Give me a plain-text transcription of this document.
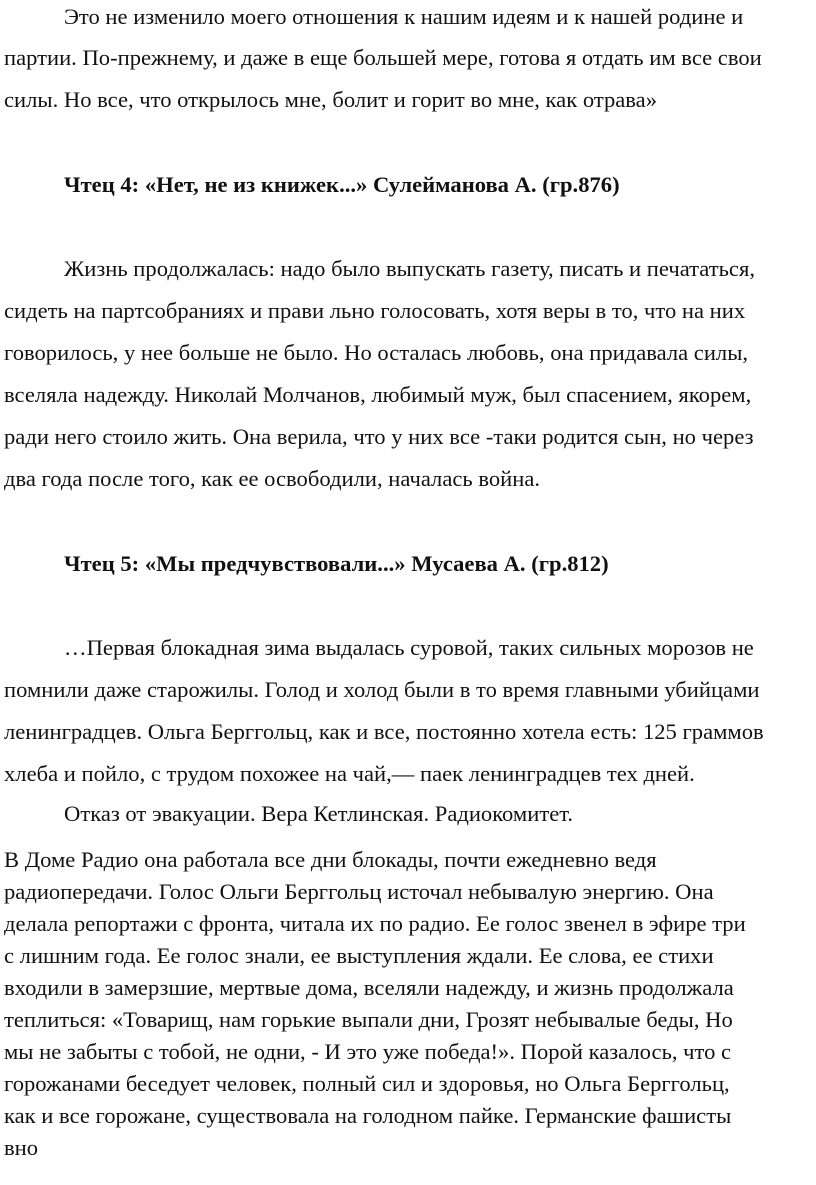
Это не изменило моего отношения к нашим идеям и к нашей родине и
партии. По-прежнему, и даже в еще большей мере, готова я отдать им все свои
силы. Но все, что открылось мне, болит и горит во мне, как отрава»
Чтец 4: «Нет, не из книжек...» Сулейманова А. (гр.876)
Жизнь продолжалась: надо было выпускать газету, писать и печататься,
сидеть на партсобраниях и прави льно голосовать, хотя веры в то, что на них
говорилось, у нее больше не было. Но осталась любовь, она придавала силы,
вселяла надежду. Николай Молчанов, любимый муж, был спасением, якорем,
ради него стоило жить. Она верила, что у них все -таки родится сын, но через
два года после того, как ее освободили, началась война.
Чтец 5: «Мы предчувствовали...» Мусаева А. (гр.812)
…Первая блокадная зима выдалась суровой, таких сильных морозов не
помнили даже старожилы. Голод и холод были в то время главными убийцами
ленинградцев. Ольга Берггольц, как и все, постоянно хотела есть: 125 граммов
хлеба и пойло, с трудом похожее на чай,— паек ленинградцев тех дней.
Отказ от эвакуации. Вера Кетлинская. Радиокомитет.
В Доме Радио она работала все дни блокады, почти ежедневно ведя
радиопередачи. Голос Ольги Берггольц источал небывалую энергию. Она
делала репортажи с фронта, читала их по радио. Ее голос звенел в эфире три
с лишним года. Ее голос знали, ее выступления ждали. Ее слова, ее стихи
входили в замерзшие, мертвые дома, вселяли надежду, и жизнь продолжала
теплиться: «Товарищ, нам горькие выпали дни, Грозят небывалые беды, Но
мы не забыты с тобой, не одни, - И это уже победа!». Порой казалось, что с
горожанами беседует человек, полный сил и здоровья, но Ольга Берггольц,
как и все горожане, существовала на голодном пайке. Германские фашисты
вно
